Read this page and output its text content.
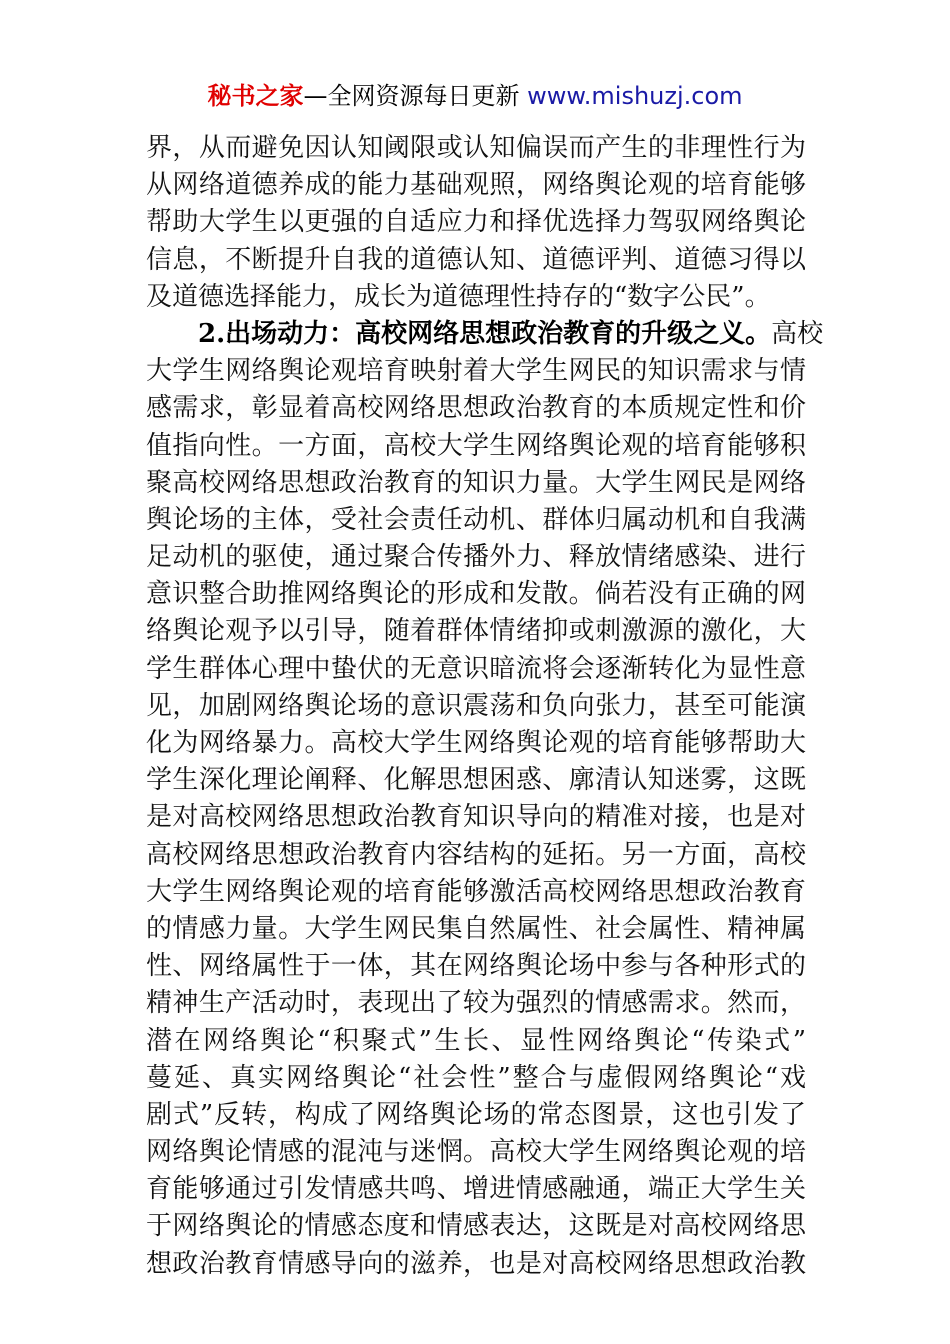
秘书之家—全网资源每日更新 www.mishuzj.com
界，从而避免因认知阈限或认知偏误而产生的非理性行为
从网络道德养成的能力基础观照，网络舆论观的培育能够
帮助大学生以更强的自适应力和择优选择力驾驭网络舆论
信息，不断提升自我的道德认知、道德评判、道德习得以
及道德选择能力，成长为道德理性持存的“数字公民”。
2.出场动力：高校网络思想政治教育的升级之义。高校
大学生网络舆论观培育映射着大学生网民的知识需求与情
感需求，彰显着高校网络思想政治教育的本质规定性和价
值指向性。一方面，高校大学生网络舆论观的培育能够积
聚高校网络思想政治教育的知识力量。大学生网民是网络
舆论场的主体，受社会责任动机、群体归属动机和自我满
足动机的驱使，通过聚合传播外力、释放情绪感染、进行
意识整合助推网络舆论的形成和发散。倘若没有正确的网
络舆论观予以引导，随着群体情绪抑或刺激源的激化，大
学生群体心理中蛰伏的无意识暗流将会逐渐转化为显性意
见，加剧网络舆论场的意识震荡和负向张力，甚至可能演
化为网络暴力。高校大学生网络舆论观的培育能够帮助大
学生深化理论阐释、化解思想困惑、廓清认知迷雾，这既
是对高校网络思想政治教育知识导向的精准对接，也是对
高校网络思想政治教育内容结构的延拓。另一方面，高校
大学生网络舆论观的培育能够激活高校网络思想政治教育
的情感力量。大学生网民集自然属性、社会属性、精神属
性、网络属性于一体，其在网络舆论场中参与各种形式的
精神生产活动时，表现出了较为强烈的情感需求。然而，
潜在网络舆论“积聚式”生长、显性网络舆论“传染式”
蔓延、真实网络舆论“社会性”整合与虚假网络舆论“戏
剧式”反转，构成了网络舆论场的常态图景，这也引发了
网络舆论情感的混沌与迷惘。高校大学生网络舆论观的培
育能够通过引发情感共鸣、增进情感融通，端正大学生关
于网络舆论的情感态度和情感表达，这既是对高校网络思
想政治教育情感导向的滋养，也是对高校网络思想政治教
